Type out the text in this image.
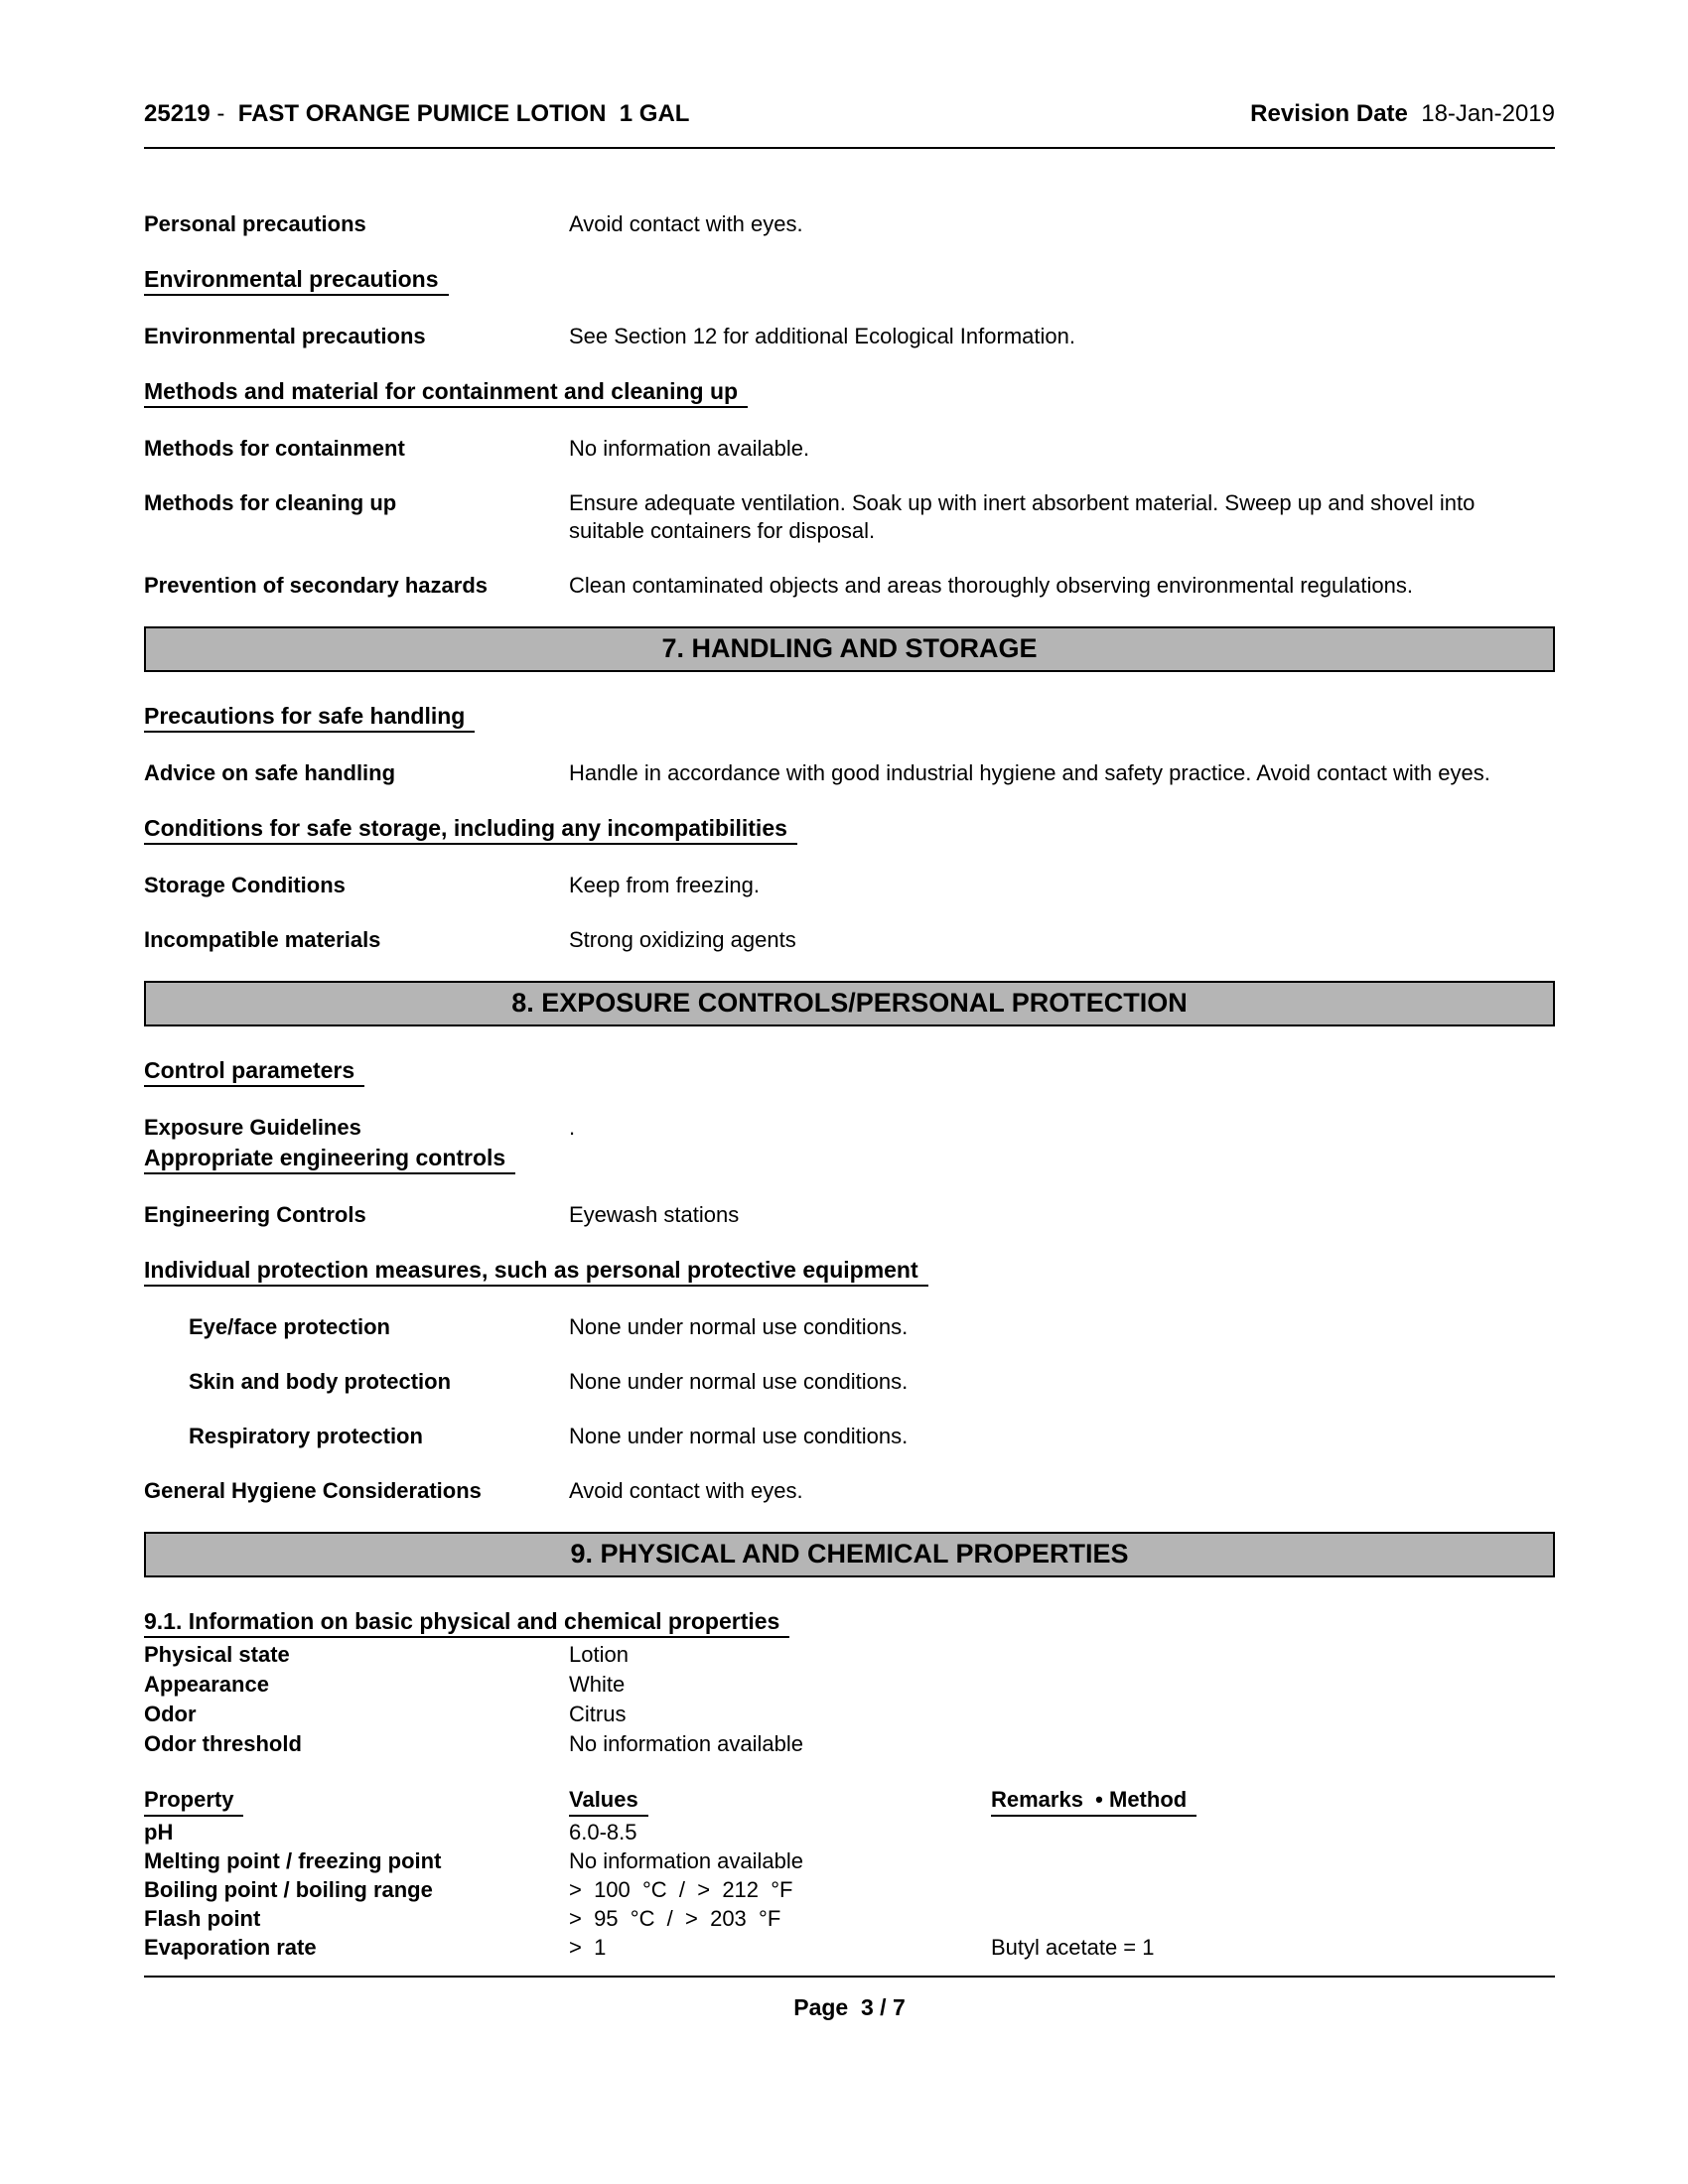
25219 -  FAST ORANGE PUMICE LOTION  1 GAL	Revision Date  18-Jan-2019
Personal precautions	Avoid contact with eyes.
Environmental precautions
Environmental precautions	See Section 12 for additional Ecological Information.
Methods and material for containment and cleaning up
Methods for containment	No information available.
Methods for cleaning up	Ensure adequate ventilation. Soak up with inert absorbent material. Sweep up and shovel into suitable containers for disposal.
Prevention of secondary hazards	Clean contaminated objects and areas thoroughly observing environmental regulations.
7. HANDLING AND STORAGE
Precautions for safe handling
Advice on safe handling	Handle in accordance with good industrial hygiene and safety practice. Avoid contact with eyes.
Conditions for safe storage, including any incompatibilities
Storage Conditions	Keep from freezing.
Incompatible materials	Strong oxidizing agents
8. EXPOSURE CONTROLS/PERSONAL PROTECTION
Control parameters
Exposure Guidelines	.
Appropriate engineering controls
Engineering Controls	Eyewash stations
Individual protection measures, such as personal protective equipment
Eye/face protection	None under normal use conditions.
Skin and body protection	None under normal use conditions.
Respiratory protection	None under normal use conditions.
General Hygiene Considerations	Avoid contact with eyes.
9. PHYSICAL AND CHEMICAL PROPERTIES
9.1. Information on basic physical and chemical properties
Physical state	Lotion
Appearance	White
Odor	Citrus
Odor threshold	No information available
Property	Values	Remarks  • Method
pH	6.0-8.5
Melting point / freezing point	No information available
Boiling point / boiling range	>  100  °C  /  >  212  °F
Flash point	>  95  °C  /  >  203  °F
Evaporation rate	>  1	Butyl acetate = 1
Page  3 / 7
